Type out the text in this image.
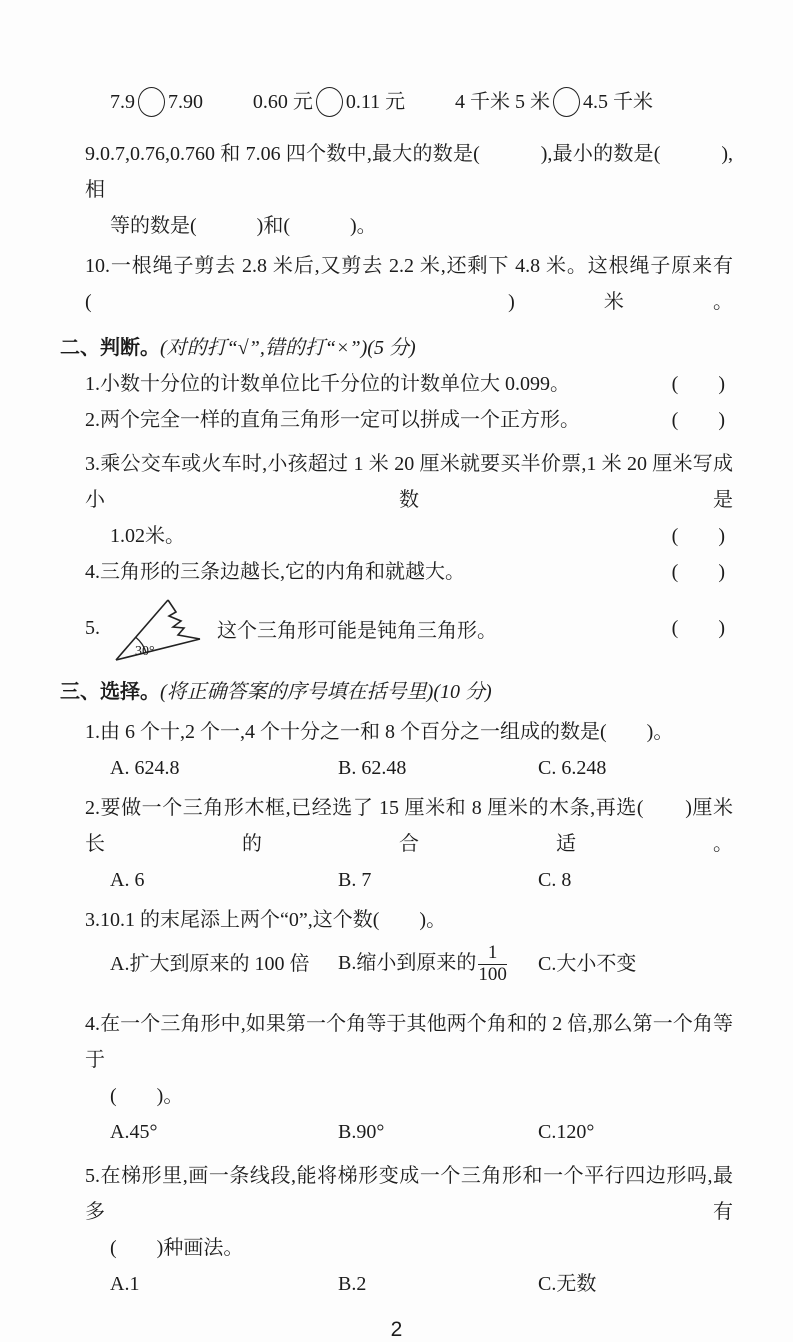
7.9 7.90 0.60 元 0.11 元 4 千米 5 米 4.5 千米
9.0.7,0.76,0.760 和 7.06 四个数中,最大的数是(　　　),最小的数是(　　　),相
等的数是(　　　)和(　　　)。
10.一根绳子剪去 2.8 米后,又剪去 2.2 米,还剩下 4.8 米。这根绳子原来有(　　　)米。
二、判断。(对的打“√”,错的打“×”)(5 分)
1.小数十分位的计数单位比千分位的计数单位大 0.099。	(        )
2.两个完全一样的直角三角形一定可以拼成一个正方形。	(        )
3.乘公交车或火车时,小孩超过 1 米 20 厘米就要买半价票,1 米 20 厘米写成小数是
1.02米。	(        )
4.三角形的三条边越长,它的内角和就越大。	(        )
5.
30°
这个三角形可能是钝角三角形。	(        )
三、选择。(将正确答案的序号填在括号里)(10 分)
1.由 6 个十,2 个一,4 个十分之一和 8 个百分之一组成的数是(　　)。
A. 624.8	B. 62.48	C. 6.248
2.要做一个三角形木框,已经选了 15 厘米和 8 厘米的木条,再选(　　)厘米长的合适。
A. 6	B. 7	C. 8
3.10.1 的末尾添上两个“0”,这个数(　　)。
A.扩大到原来的 100 倍	B.缩小到原来的 $\frac{1}{100} C$.大小不变
4.在一个三角形中,如果第一个角等于其他两个角和的 2 倍,那么第一个角等于
(　　)。
A.45°	B.90°	C.120°
5.在梯形里,画一条线段,能将梯形变成一个三角形和一个平行四边形吗,最多有
(　　)种画法。
A.1	B.2	C.无数
2
